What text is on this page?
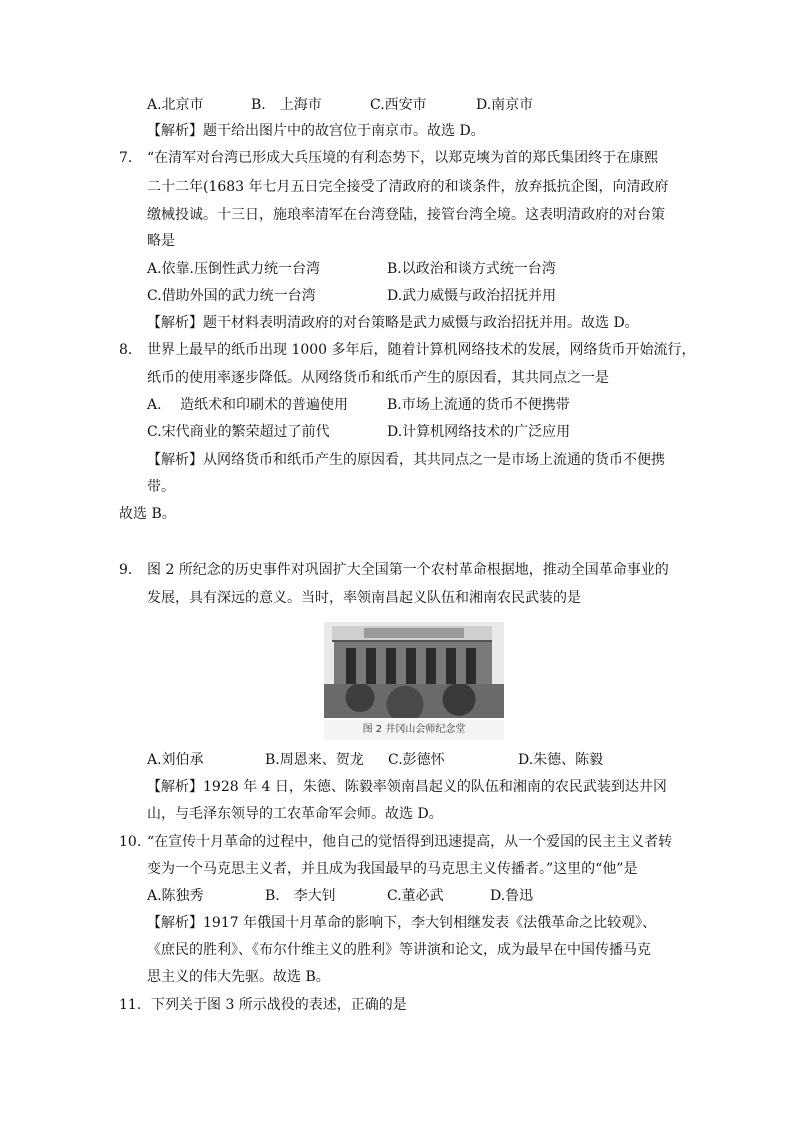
A.北京市	B.　上海市	C.西安市	D.南京市
【解析】题干给出图片中的故宫位于南京市。故选 D。
7. “在清军对台湾已形成大兵压境的有利态势下，以郑克塽为首的郑氏集团终于在康熙
二十二年(1683 年七月五日完全接受了清政府的和谈条件，放弃抵抗企图，向清政府
缴械投诚。十三日，施琅率清军在台湾登陆，接管台湾全境。这表明清政府的对台策
略是
A.依靠.压倒性武力统一台湾	B.以政治和谈方式统一台湾
C.借助外国的武力统一台湾	D.武力威慑与政治招抚并用
【解析】题干材料表明清政府的对台策略是武力威慑与政治招抚并用。故选 D。
8. 世界上最早的纸币出现 1000 多年后，随着计算机网络技术的发展，网络货币开始流行，
纸币的使用率逐步降低。从网络货币和纸币产生的原因看，其共同点之一是
A.　 造纸术和印刷术的普遍使用	B.市场上流通的货币不便携带
C.宋代商业的繁荣超过了前代	D.计算机网络技术的广泛应用
【解析】从网络货币和纸币产生的原因看，其共同点之一是市场上流通的货币不便携
带。
故选 B。
9. 图 2 所纪念的历史事件对巩固扩大全国第一个农村革命根据地，推动全国革命事业的
发展，具有深远的意义。当时，率领南昌起义队伍和湘南农民武装的是
图 2 井冈山会师纪念堂
A.刘伯承	B.周恩来、贺龙 C.彭德怀	D.朱德、陈毅
【解析】1928 年 4 日，朱德、陈毅率领南昌起义的队伍和湘南的农民武装到达井冈
山，与毛泽东领导的工农革命军会师。故选 D。
10. “在宣传十月革命的过程中，他自己的觉悟得到迅速提高，从一个爱国的民主主义者转
变为一个马克思主义者，并且成为我国最早的马克思主义传播者。”这里的“他”是
A.陈独秀	B.　李大钊	C.董必武	D.鲁迅
【解析】1917 年俄国十月革命的影响下，李大钊相继发表《法俄革命之比较观》、
《庶民的胜利》、《布尔什维主义的胜利》等讲演和论文，成为最早在中国传播马克
思主义的伟大先驱。故选 B。
11. 下列关于图 3 所示战役的表述，正确的是
